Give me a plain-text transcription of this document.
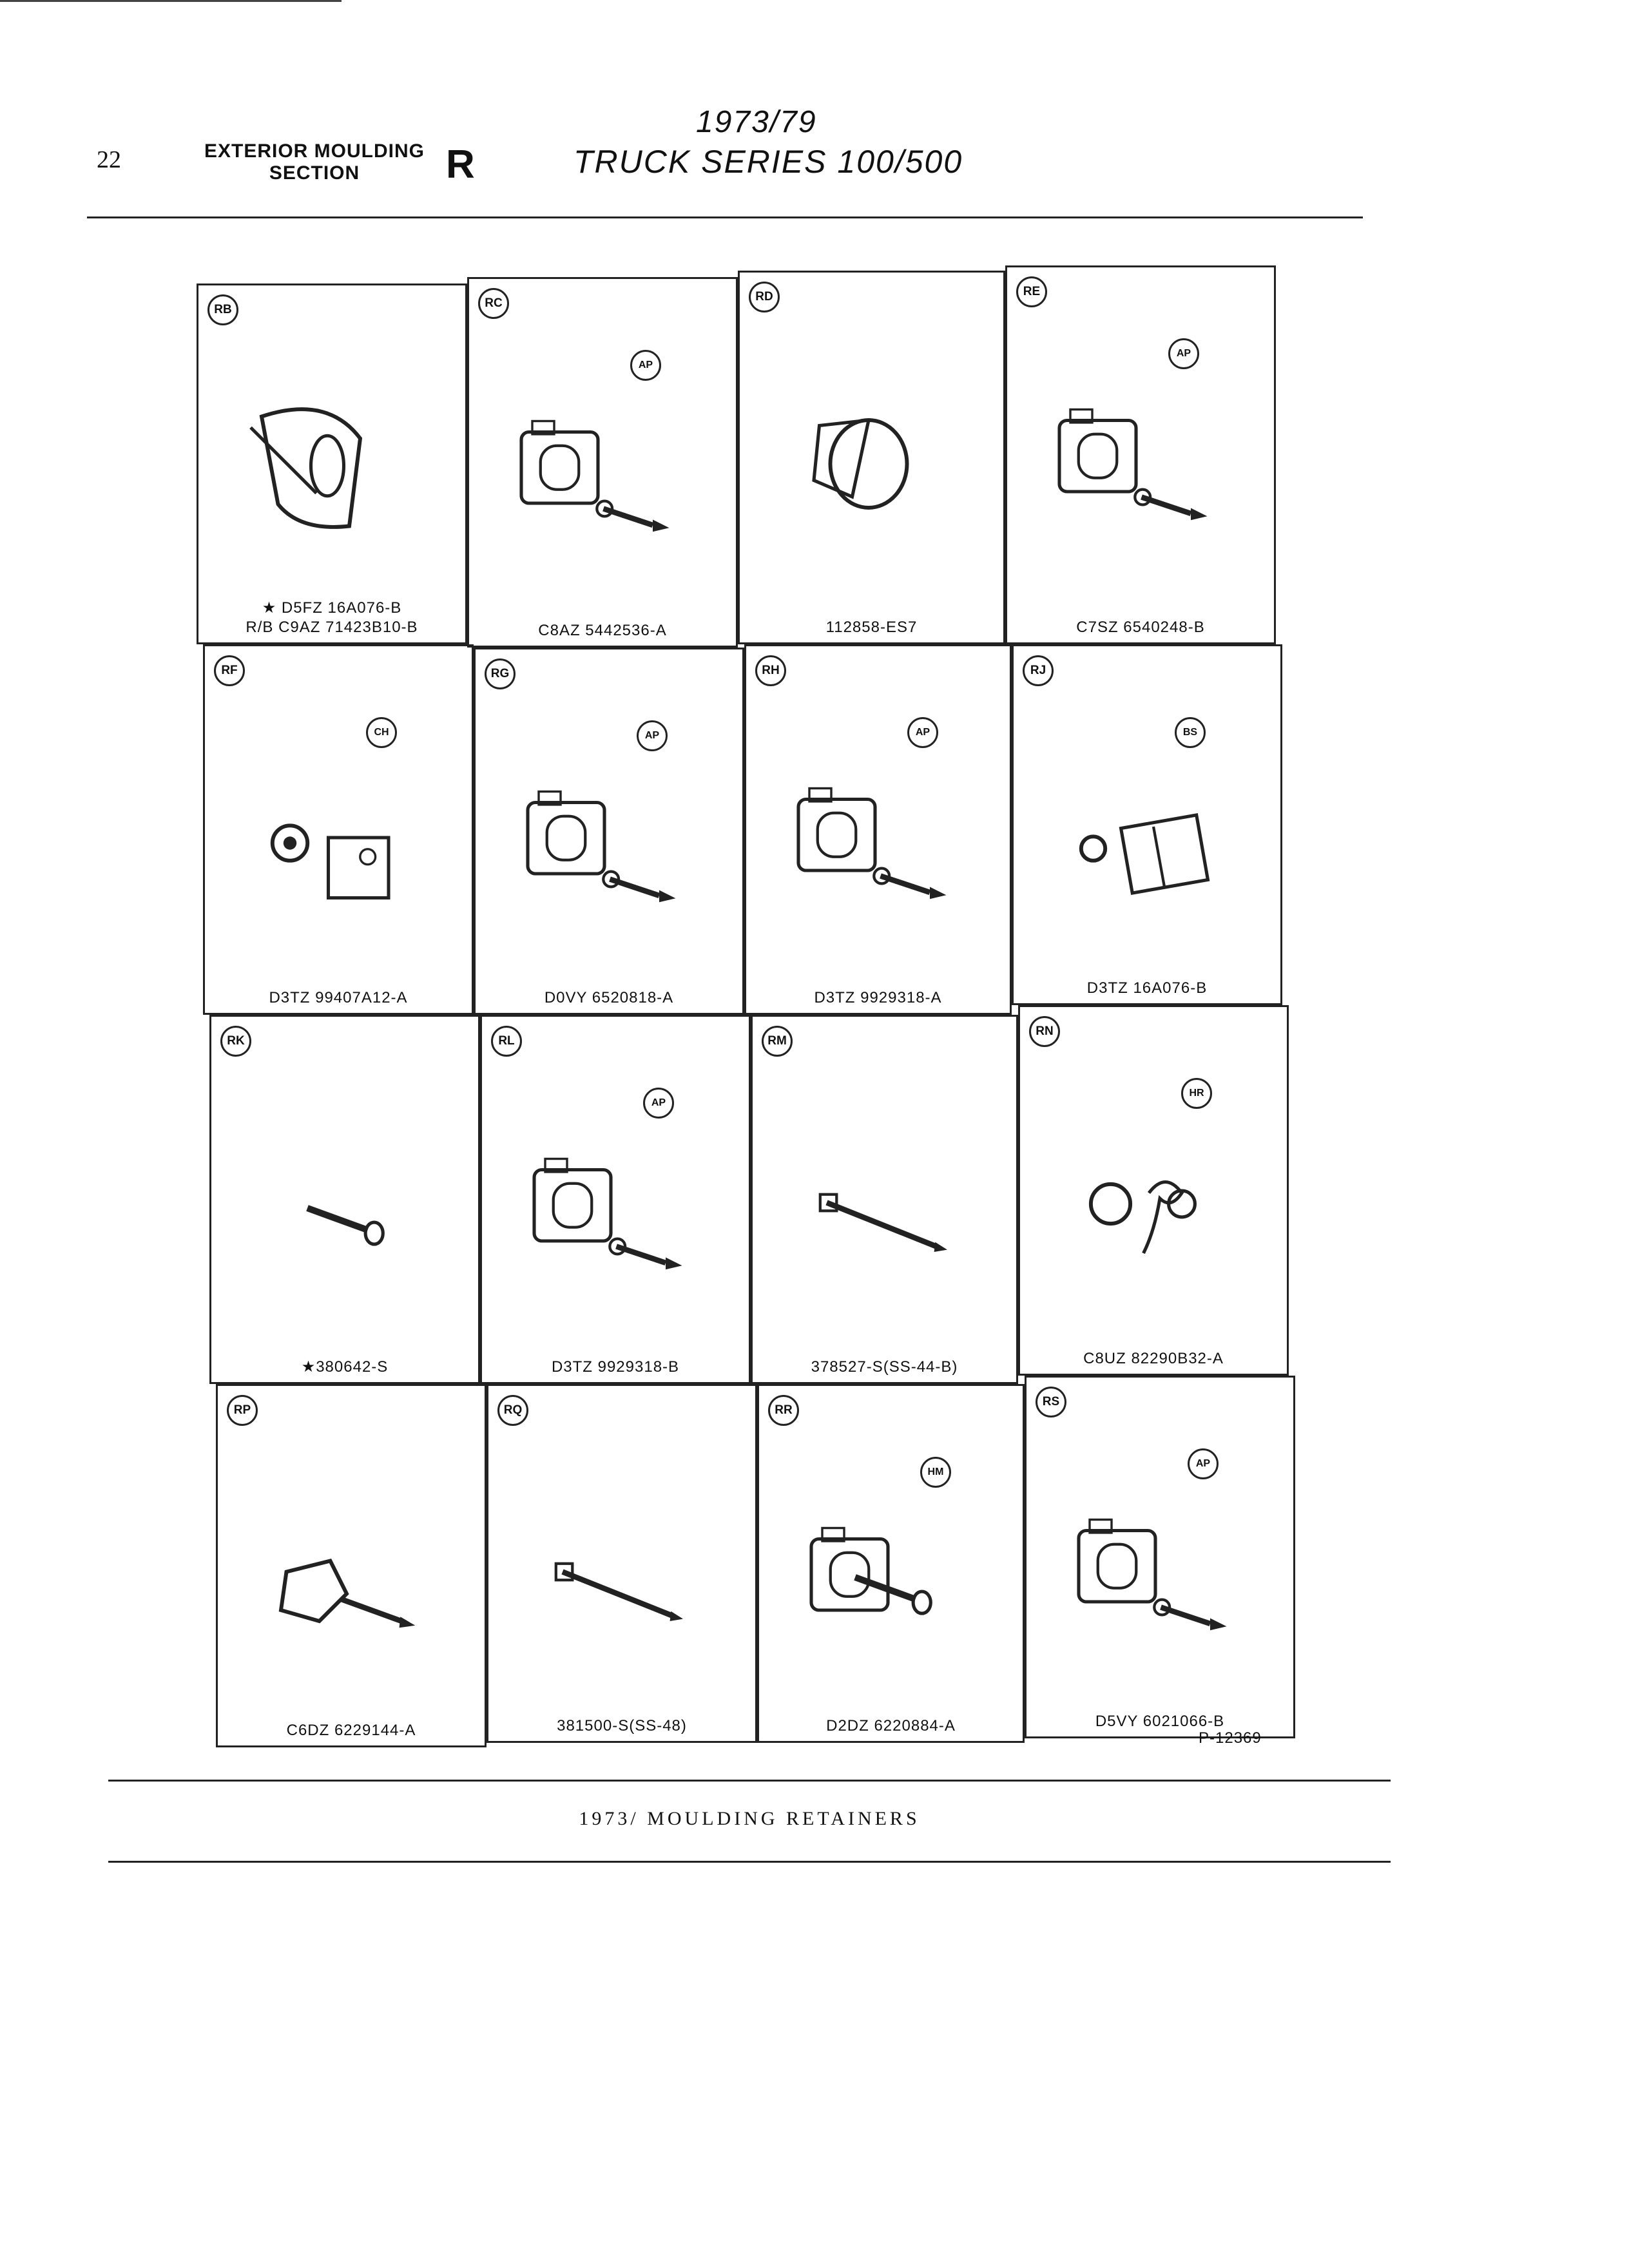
22	EXTERIOR MOULDING SECTION	R
1973/79
TRUCK SERIES 100/500
RB
★ D5FZ 16A076-B
R/B C9AZ 71423B10-B
RF
CH
D3TZ 99407A12-A
RK
★380642-S
RP
C6DZ 6229144-A
RC
AP
C8AZ 5442536-A
RG
AP
D0VY 6520818-A
RL
AP
D3TZ 9929318-B
RQ
381500-S(SS-48)
RD
112858-ES7
RH
AP
D3TZ 9929318-A
RM
378527-S(SS-44-B)
RR
HM
D2DZ 6220884-A
RE
AP
C7SZ 6540248-B
RJ
BS
D3TZ 16A076-B
RN
HR
C8UZ 82290B32-A
RS
AP
D5VY 6021066-B
P-12369
1973/ MOULDING RETAINERS
